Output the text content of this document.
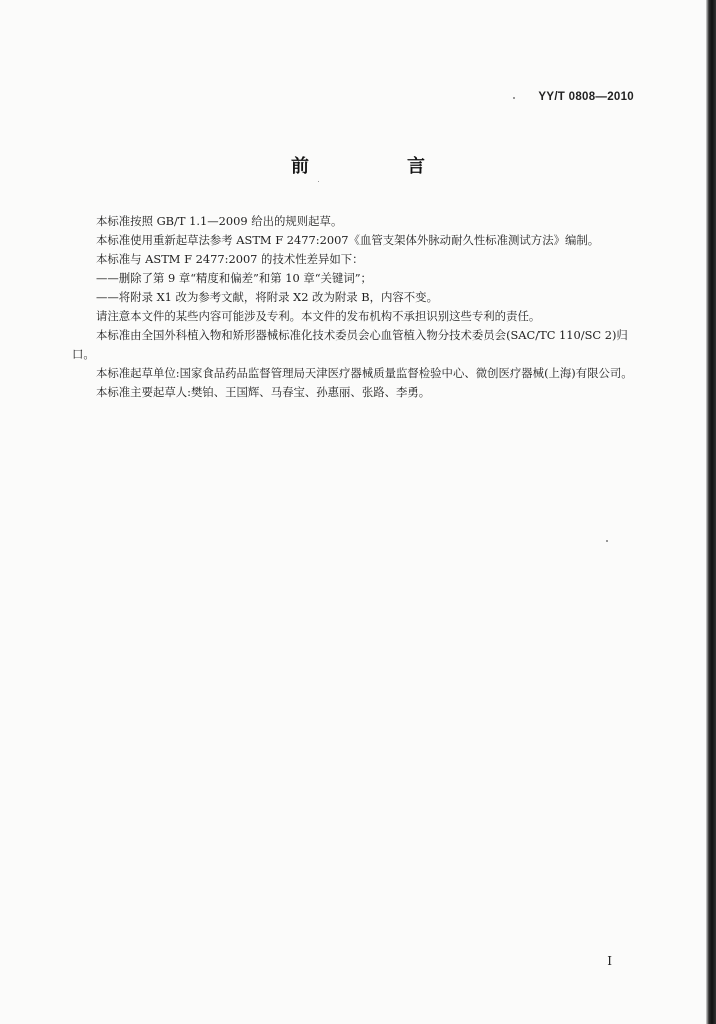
YY/T 0808—2010
前　言

本标准按照 GB/T 1.1—2009 给出的规则起草。

本标准使用重新起草法参考 ASTM F 2477:2007《血管支架体外脉动耐久性标准测试方法》编制。

本标准与 ASTM F 2477:2007 的技术性差异如下：

——删除了第 9 章“精度和偏差”和第 10 章“关键词”；

——将附录 X1 改为参考文献，将附录 X2 改为附录 B，内容不变。

请注意本文件的某些内容可能涉及专利。本文件的发布机构不承担识别这些专利的责任。

本标准由全国外科植入物和矫形器械标准化技术委员会心血管植入物分技术委员会(SAC/TC 110/SC 2)归口。

本标准起草单位:国家食品药品监督管理局天津医疗器械质量监督检验中心、微创医疗器械(上海)有限公司。

本标准主要起草人:樊铂、王国辉、马春宝、孙惠丽、张路、李勇。

I
